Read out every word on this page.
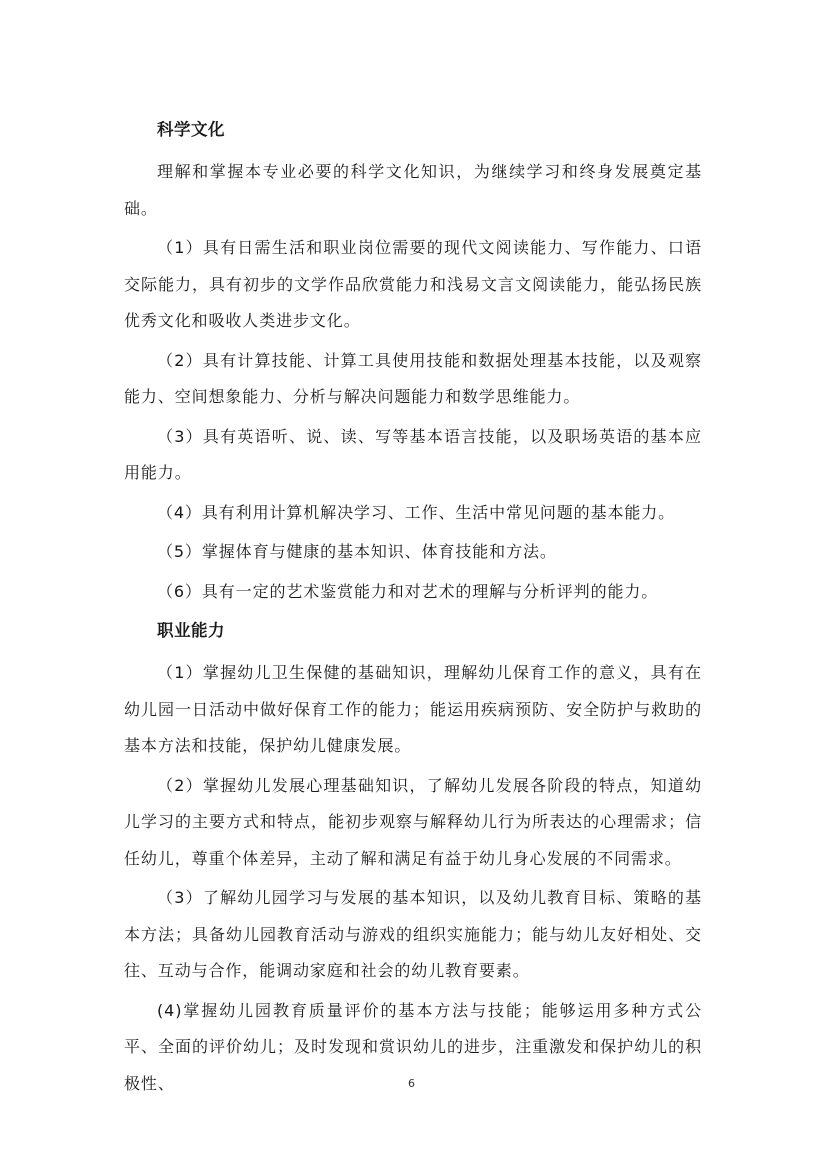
科学文化

理解和掌握本专业必要的科学文化知识，为继续学习和终身发展奠定基础。

（1）具有日需生活和职业岗位需要的现代文阅读能力、写作能力、口语交际能力，具有初步的文学作品欣赏能力和浅易文言文阅读能力，能弘扬民族优秀文化和吸收人类进步文化。

（2）具有计算技能、计算工具使用技能和数据处理基本技能，以及观察能力、空间想象能力、分析与解决问题能力和数学思维能力。

（3）具有英语听、说、读、写等基本语言技能，以及职场英语的基本应用能力。

（4）具有利用计算机解决学习、工作、生活中常见问题的基本能力。

（5）掌握体育与健康的基本知识、体育技能和方法。

（6）具有一定的艺术鉴赏能力和对艺术的理解与分析评判的能力。

职业能力

（1）掌握幼儿卫生保健的基础知识，理解幼儿保育工作的意义，具有在幼儿园一日活动中做好保育工作的能力；能运用疾病预防、安全防护与救助的基本方法和技能，保护幼儿健康发展。

（2）掌握幼儿发展心理基础知识，了解幼儿发展各阶段的特点，知道幼儿学习的主要方式和特点，能初步观察与解释幼儿行为所表达的心理需求；信任幼儿，尊重个体差异，主动了解和满足有益于幼儿身心发展的不同需求。

（3）了解幼儿园学习与发展的基本知识，以及幼儿教育目标、策略的基本方法；具备幼儿园教育活动与游戏的组织实施能力；能与幼儿友好相处、交往、互动与合作，能调动家庭和社会的幼儿教育要素。

(4)掌握幼儿园教育质量评价的基本方法与技能；能够运用多种方式公平、全面的评价幼儿；及时发现和赏识幼儿的进步，注重激发和保护幼儿的积极性、	6
